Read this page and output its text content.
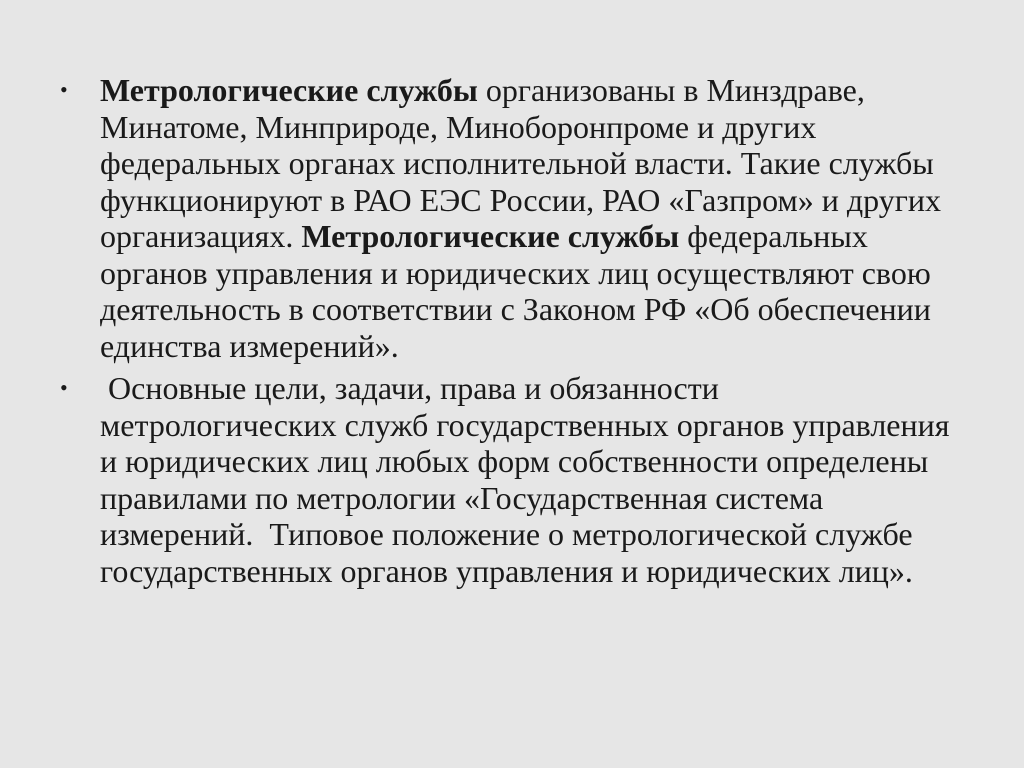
•	Метрологические службы организованы в Минздраве, Минатоме, Минприроде, Минобоpонпроме и других федеральных органах исполнительной власти. Такие службы функционируют в РАО ЕЭС России, РАО «Газпром» и других организациях. Метрологические службы федеральных органов управления и юридических лиц осуществляют свою деятельность в соответствии с Законом РФ «Об обеспечении единства измерений».
•	Основные цели, задачи, права и обязанности метрологических служб государственных органов управления и юридических лиц любых форм собственности определены правилами по метрологии «Государственная система измерений.  Типовое положение о метрологической службе государственных органов управления и юридических лиц».
